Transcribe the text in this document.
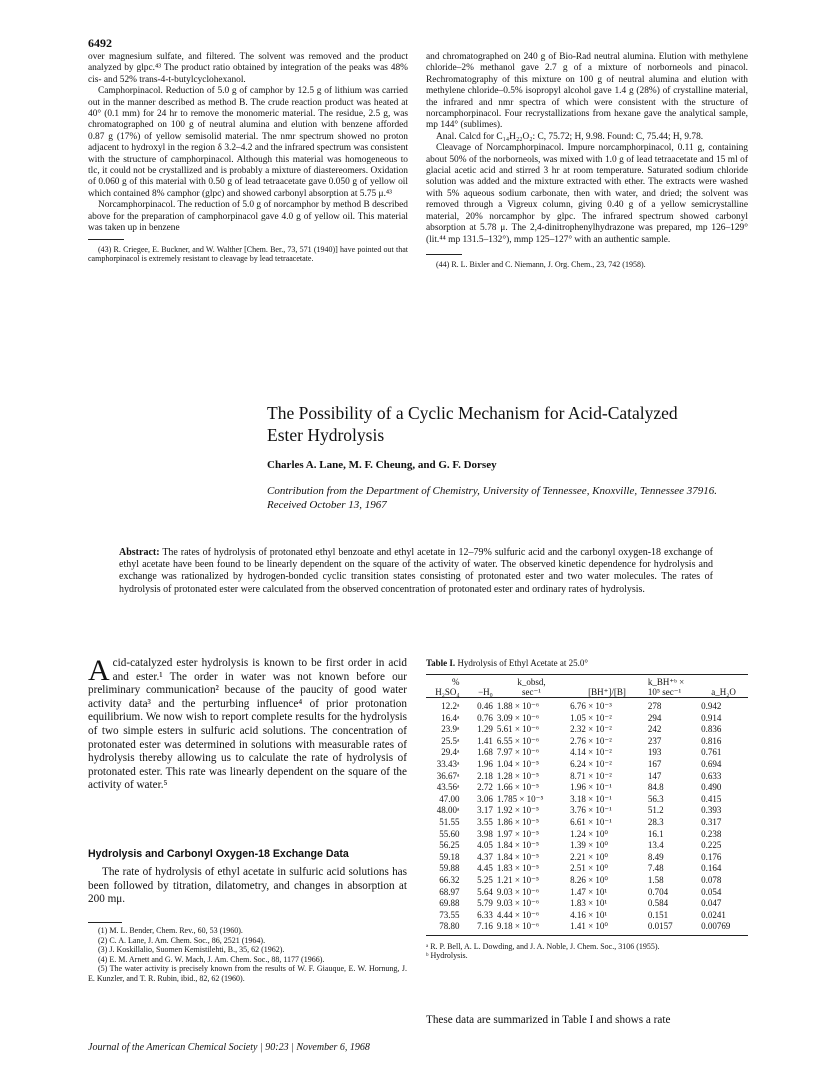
6492

over magnesium sulfate, and filtered. The solvent was removed and the product analyzed by glpc.⁴³ The product ratio obtained by integration of the peaks was 48% cis- and 52% trans-4-t-butylcyclohexanol.

Camphorpinacol. Reduction of 5.0 g of camphor by 12.5 g of lithium was carried out in the manner described as method B. The crude reaction product was heated at 40° (0.1 mm) for 24 hr to remove the monomeric material. The residue, 2.5 g, was chromatographed on 100 g of neutral alumina and elution with benzene afforded 0.87 g (17%) of yellow semisolid material. The nmr spectrum showed no proton adjacent to hydroxyl in the region δ 3.2–4.2 and the infrared spectrum was consistent with the structure of camphorpinacol. Although this material was homogeneous to tlc, it could not be crystallized and is probably a mixture of diastereomers. Oxidation of 0.060 g of this material with 0.50 g of lead tetraacetate gave 0.050 g of yellow oil which contained 8% camphor (glpc) and showed carbonyl absorption at 5.75 μ.⁴³

Norcamphorpinacol. The reduction of 5.0 g of norcamphor by method B described above for the preparation of camphorpinacol gave 4.0 g of yellow oil. This material was taken up in benzene

(43) R. Criegee, E. Buckner, and W. Walther [Chem. Ber., 73, 571 (1940)] have pointed out that camphorpinacol is extremely resistant to cleavage by lead tetraacetate.

and chromatographed on 240 g of Bio-Rad neutral alumina. Elution with methylene chloride–2% methanol gave 2.7 g of a mixture of norborneols and pinacol. Rechromatography of this mixture on 100 g of neutral alumina and elution with methylene chloride–0.5% isopropyl alcohol gave 1.4 g (28%) of crystalline material, the infrared and nmr spectra of which were consistent with the structure of norcamphorpinacol. Four recrystallizations from hexane gave the analytical sample, mp 144° (sublimes).

Anal. Calcd for C₁₄H₂₂O₂: C, 75.72; H, 9.98. Found: C, 75.44; H, 9.78.

Cleavage of Norcamphorpinacol. Impure norcamphorpinacol, 0.11 g, containing about 50% of the norborneols, was mixed with 1.0 g of lead tetraacetate and 15 ml of glacial acetic acid and stirred 3 hr at room temperature. Saturated sodium chloride solution was added and the mixture extracted with ether. The extracts were washed with 5% aqueous sodium carbonate, then with water, and dried; the solvent was removed through a Vigreux column, giving 0.40 g of a yellow semicrystalline material, 20% norcamphor by glpc. The infrared spectrum showed carbonyl absorption at 5.78 μ. The 2,4-dinitrophenylhydrazone was prepared, mp 126–129° (lit.⁴⁴ mp 131.5–132°), mmp 125–127° with an authentic sample.

(44) R. L. Bixler and C. Niemann, J. Org. Chem., 23, 742 (1958).

The Possibility of a Cyclic Mechanism for Acid-Catalyzed
Ester Hydrolysis
Charles A. Lane, M. F. Cheung, and G. F. Dorsey
Contribution from the Department of Chemistry, University of Tennessee, Knoxville, Tennessee 37916. Received October 13, 1967
Abstract: The rates of hydrolysis of protonated ethyl benzoate and ethyl acetate in 12–79% sulfuric acid and the carbonyl oxygen-18 exchange of ethyl acetate have been found to be linearly dependent on the square of the activity of water. The observed kinetic dependence for hydrolysis and exchange was rationalized by hydrogen-bonded cyclic transition states consisting of protonated ester and two water molecules. The rates of hydrolysis of protonated ester were calculated from the observed concentration of protonated ester and ordinary rates of hydrolysis.
A cid-catalyzed ester hydrolysis is known to be first order in acid and ester.¹ The order in water was not known before our preliminary communication² because of the paucity of good water activity data³ and the perturbing influence⁴ of prior protonation equilibrium. We now wish to report complete results for the hydrolysis of two simple esters in sulfuric acid solutions. The concentration of protonated ester was determined in solutions with measurable rates of hydrolysis thereby allowing us to calculate the rate of hydrolysis of protonated ester. This rate was linearly dependent on the square of the activity of water.⁵
Hydrolysis and Carbonyl Oxygen-18 Exchange Data

The rate of hydrolysis of ethyl acetate in sulfuric acid solutions has been followed by titration, dilatometry, and changes in absorption at 200 mμ.

(1) M. L. Bender, Chem. Rev., 60, 53 (1960).

(2) C. A. Lane, J. Am. Chem. Soc., 86, 2521 (1964).

(3) J. Koskillalio, Suomen Kemistilehti, B., 35, 62 (1962).

(4) E. M. Arnett and G. W. Mach, J. Am. Chem. Soc., 88, 1177 (1966).

(5) The water activity is precisely known from the results of W. F. Giauque, E. W. Hornung, J. E. Kunzler, and T. R. Rubin, ibid., 82, 62 (1960).

Table I. Hydrolysis of Ethyl Acetate at 25.0°
%		k_obsd,		k_BH⁺ᵇ ×	
H₂SO₄	−H₀	sec⁻¹	[BH⁺]/[B]	10⁵ sec⁻¹	a_H₂O
12.2ᵃ	0.46	1.88 × 10⁻⁶	6.76 × 10⁻³	278	0.942
16.4ᵃ	0.76	3.09 × 10⁻⁶	1.05 × 10⁻²	294	0.914
23.9ᵃ	1.29	5.61 × 10⁻⁶	2.32 × 10⁻²	242	0.836
25.5ᵃ	1.41	6.55 × 10⁻⁶	2.76 × 10⁻²	237	0.816
29.4ᵃ	1.68	7.97 × 10⁻⁶	4.14 × 10⁻²	193	0.761
33.43ᵃ	1.96	1.04 × 10⁻⁵	6.24 × 10⁻²	167	0.694
36.67ᵃ	2.18	1.28 × 10⁻⁵	8.71 × 10⁻²	147	0.633
43.56ᵃ	2.72	1.66 × 10⁻⁵	1.96 × 10⁻¹	84.8	0.490
47.00	3.06	1.785 × 10⁻⁵	3.18 × 10⁻¹	56.3	0.415
48.00ᵃ	3.17	1.92 × 10⁻⁵	3.76 × 10⁻¹	51.2	0.393
51.55	3.55	1.86 × 10⁻⁵	6.61 × 10⁻¹	28.3	0.317
55.60	3.98	1.97 × 10⁻⁵	1.24 × 10⁰	16.1	0.238
56.25	4.05	1.84 × 10⁻⁵	1.39 × 10⁰	13.4	0.225
59.18	4.37	1.84 × 10⁻⁵	2.21 × 10⁰	8.49	0.176
59.88	4.45	1.83 × 10⁻⁵	2.51 × 10⁰	7.48	0.164
66.32	5.25	1.21 × 10⁻⁵	8.26 × 10⁰	1.58	0.078
68.97	5.64	9.03 × 10⁻⁶	1.47 × 10¹	0.704	0.054
69.88	5.79	9.03 × 10⁻⁶	1.83 × 10¹	0.584	0.047
73.55	6.33	4.44 × 10⁻⁶	4.16 × 10¹	0.151	0.0241
78.80	7.16	9.18 × 10⁻⁶	1.41 × 10⁰	0.0157	0.00769

ᵃ R. P. Bell, A. L. Dowding, and J. A. Noble, J. Chem. Soc., 3106 (1955).

ᵇ Hydrolysis.

These data are summarized in Table I and shows a rate
Journal of the American Chemical Society | 90:23 | November 6, 1968
